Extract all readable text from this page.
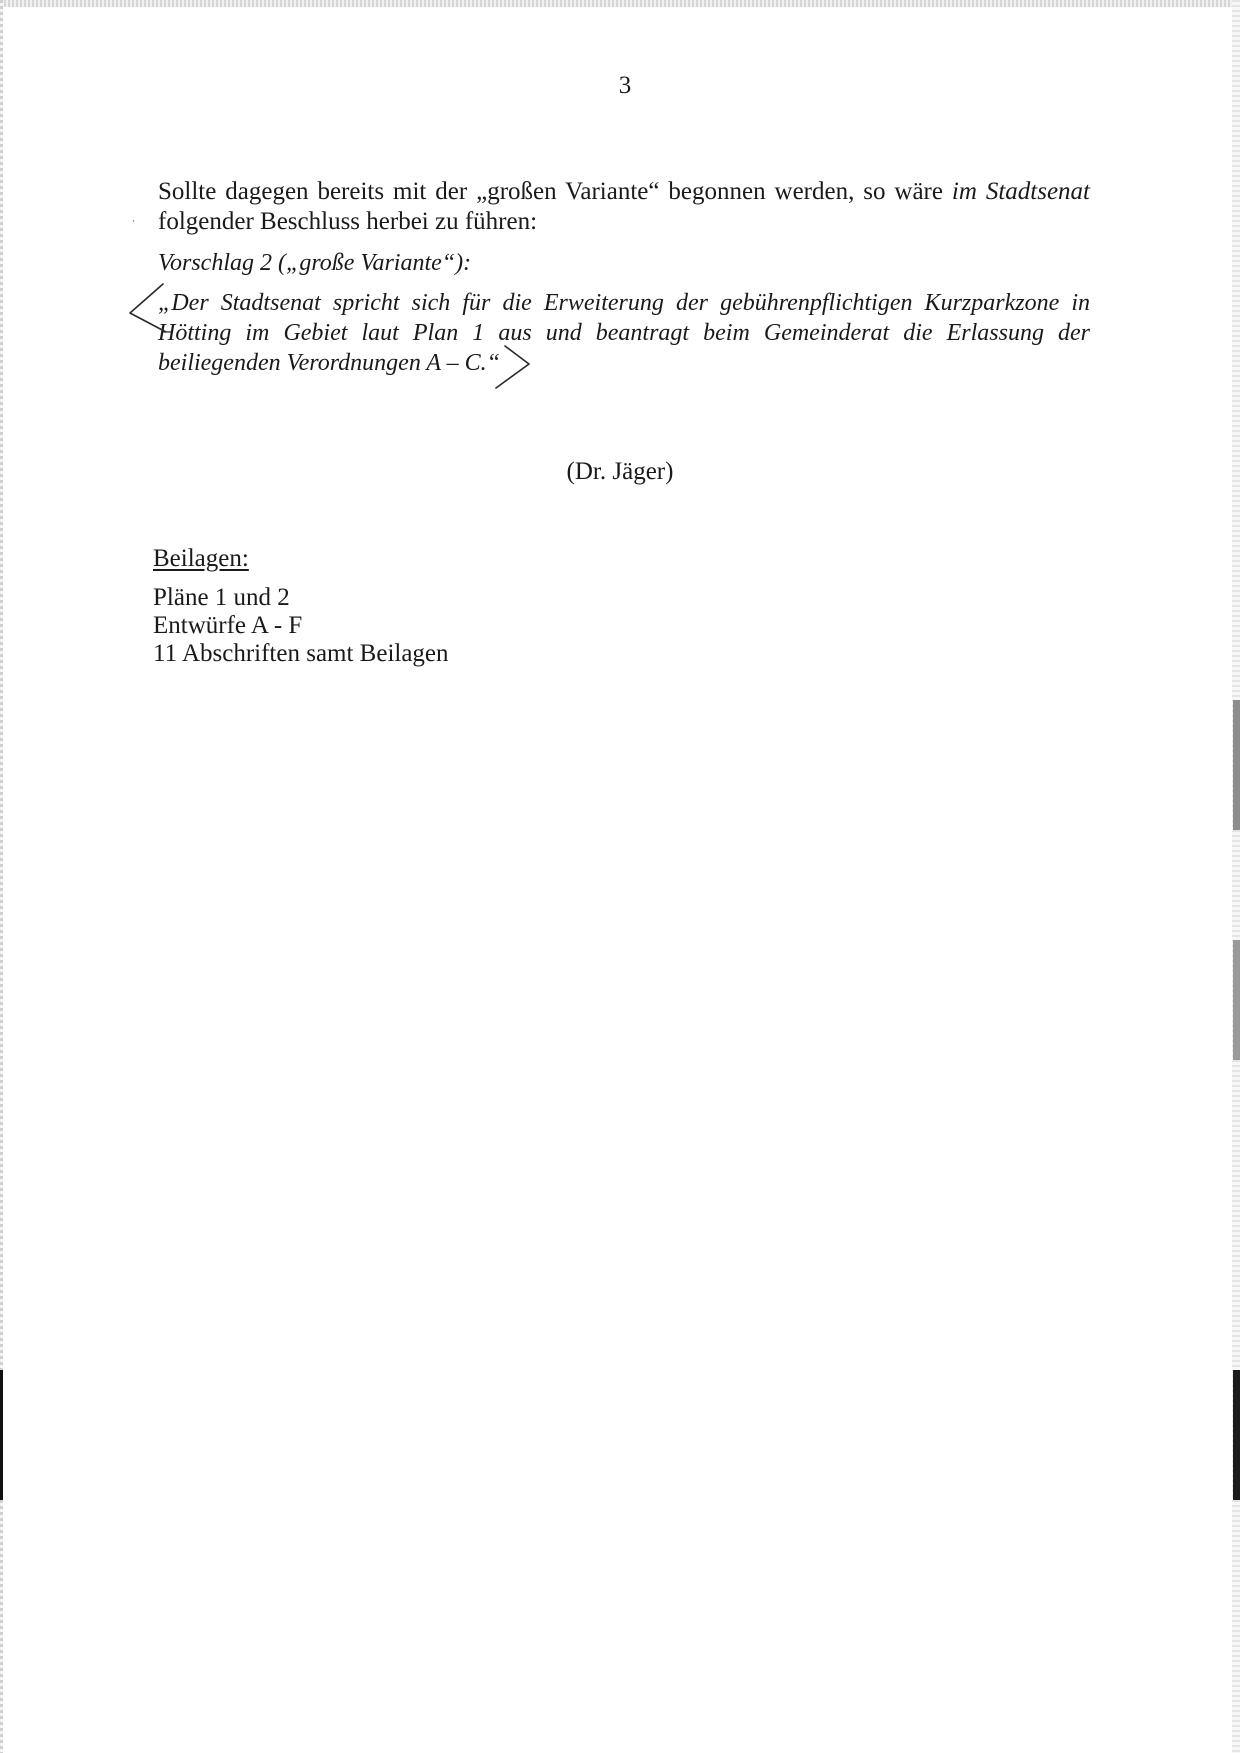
3
Sollte dagegen bereits mit der „großen Variante“ begonnen werden, so wäre im Stadtsenat
folgender Beschluss herbei zu führen:
Vorschlag 2 („große Variante“):
„Der Stadtsenat spricht sich für die Erweiterung der gebührenpflichtigen Kurzparkzone in Hötting im Gebiet laut Plan 1 aus und beantragt beim Gemeinderat die Erlassung der beiliegenden Verordnungen A – C.“
(Dr. Jäger)
Beilagen:
Pläne 1 und 2
Entwürfe A - F
11 Abschriften samt Beilagen
